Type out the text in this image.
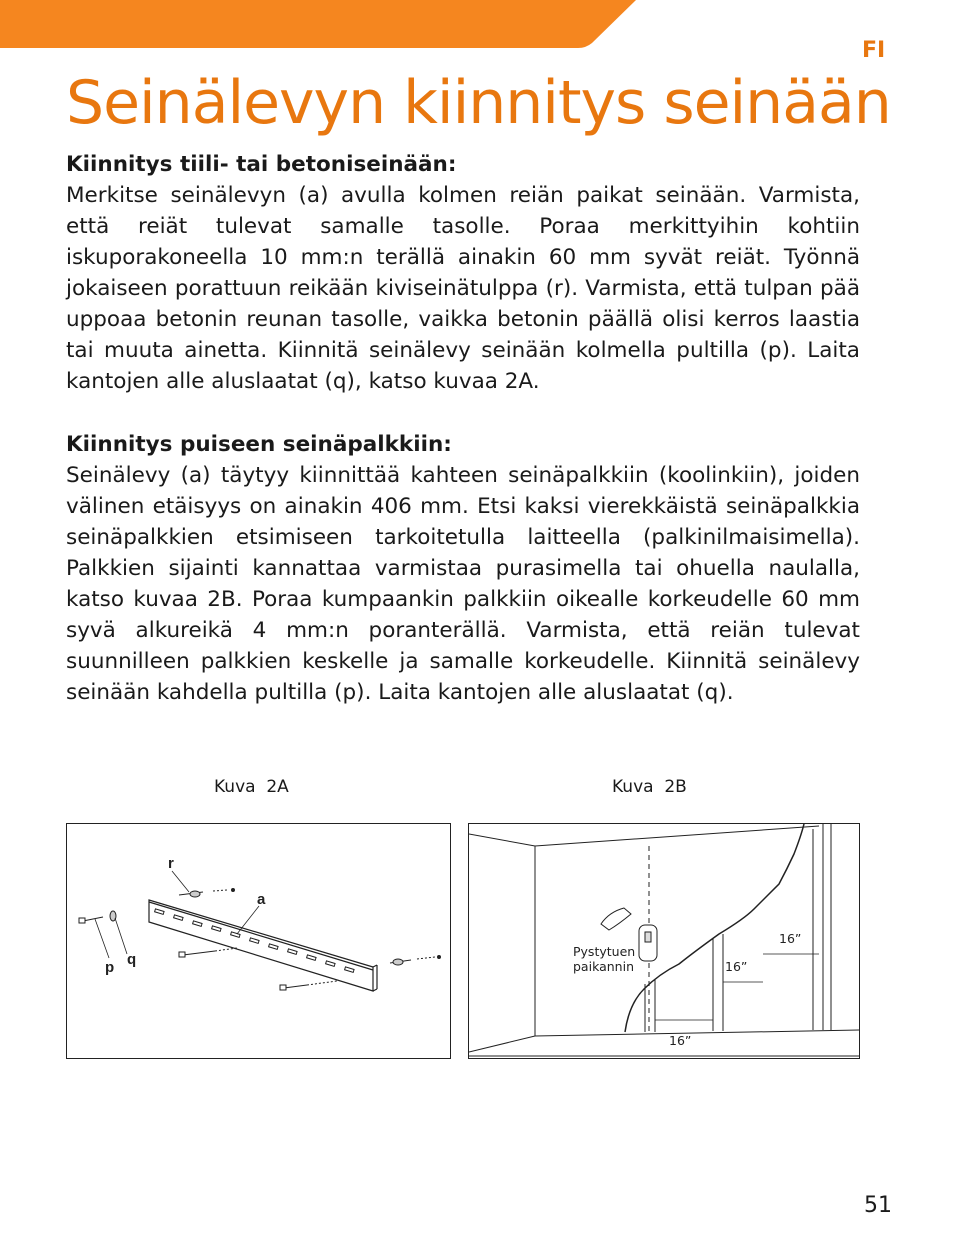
FI
Seinälevyn kiinnitys seinään
Kiinnitys tiili- tai betoniseinään:
Merkitse seinälevyn (a) avulla kolmen reiän paikat seinään. Varmista, että reiät tulevat samalle tasolle. Poraa merkittyihin kohtiin iskuporakoneella 10 mm:n terällä ainakin 60 mm syvät reiät. Työnnä jokaiseen porattuun reikään kiviseinätulppa (r). Varmista, että tulpan pää uppoaa betonin reunan tasolle, vaikka betonin päällä olisi kerros laastia tai muuta ainetta. Kiinnitä seinälevy seinään kolmella pultilla (p). Laita kantojen alle aluslaatat (q), katso kuvaa 2A.
Kiinnitys puiseen seinäpalkkiin:
Seinälevy (a) täytyy kiinnittää kahteen seinäpalkkiin (koolinkiin), joiden välinen etäisyys on ainakin 406 mm. Etsi kaksi vierekkäistä seinäpalkkia seinäpalkkien etsimiseen tarkoitetulla laitteella (palkinilmaisimella). Palkkien sijainti kannattaa varmistaa purasimella tai ohuella naulalla, katso kuvaa 2B. Poraa kumpaankin palkkiin oikealle korkeudelle 60 mm syvä alkureikä 4 mm:n poranterällä. Varmista, että reiän tulevat suunnilleen palkkien keskelle ja samalle korkeudelle. Kiinnitä seinälevy seinään kahdella pultilla (p). Laita kantojen alle aluslaatat (q).
Kuva  2A	Kuva  2B
r
a
p q	Pystytuen
paikannin
16”
16”
16”
51
